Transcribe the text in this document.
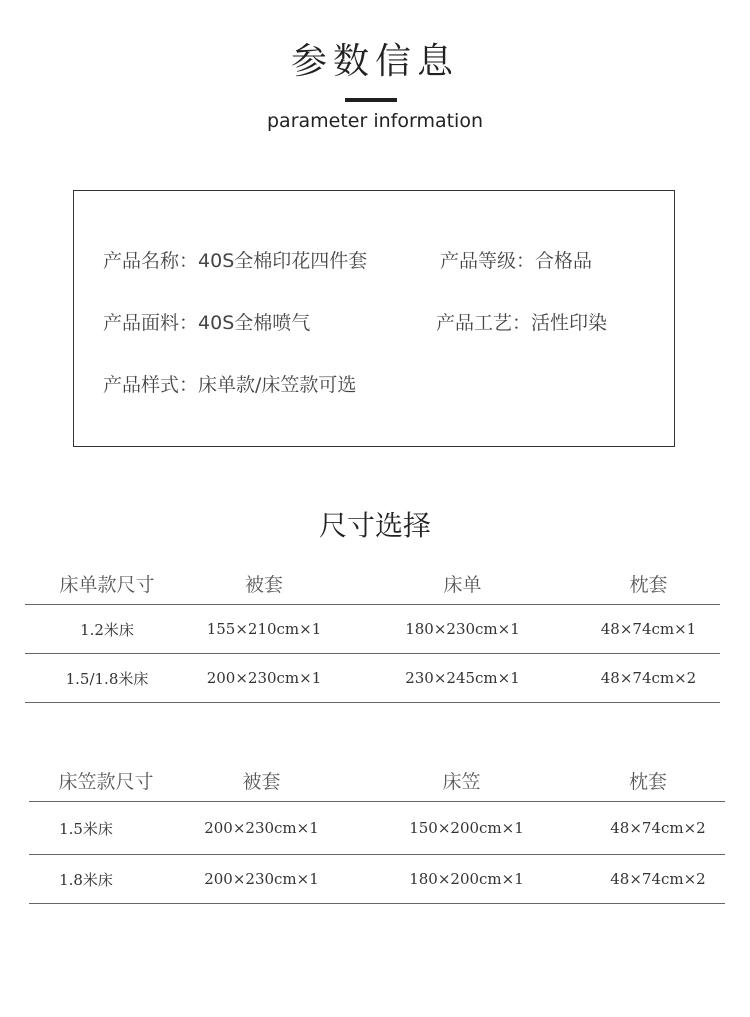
参数信息
parameter information
产品名称：40S全棉印花四件套	产品等级：合格品
产品面料：40S全棉喷气	产品工艺：活性印染
产品样式：床单款/床笠款可选
尺寸选择
床单款尺寸	被套	床单	枕套
1.2米床	155×210cm×1	180×230cm×1	48×74cm×1
1.5/1.8米床	200×230cm×1	230×245cm×1	48×74cm×2
床笠款尺寸	被套	床笠	枕套
1.5米床	200×230cm×1	150×200cm×1	48×74cm×2
1.8米床	200×230cm×1	180×200cm×1	48×74cm×2
